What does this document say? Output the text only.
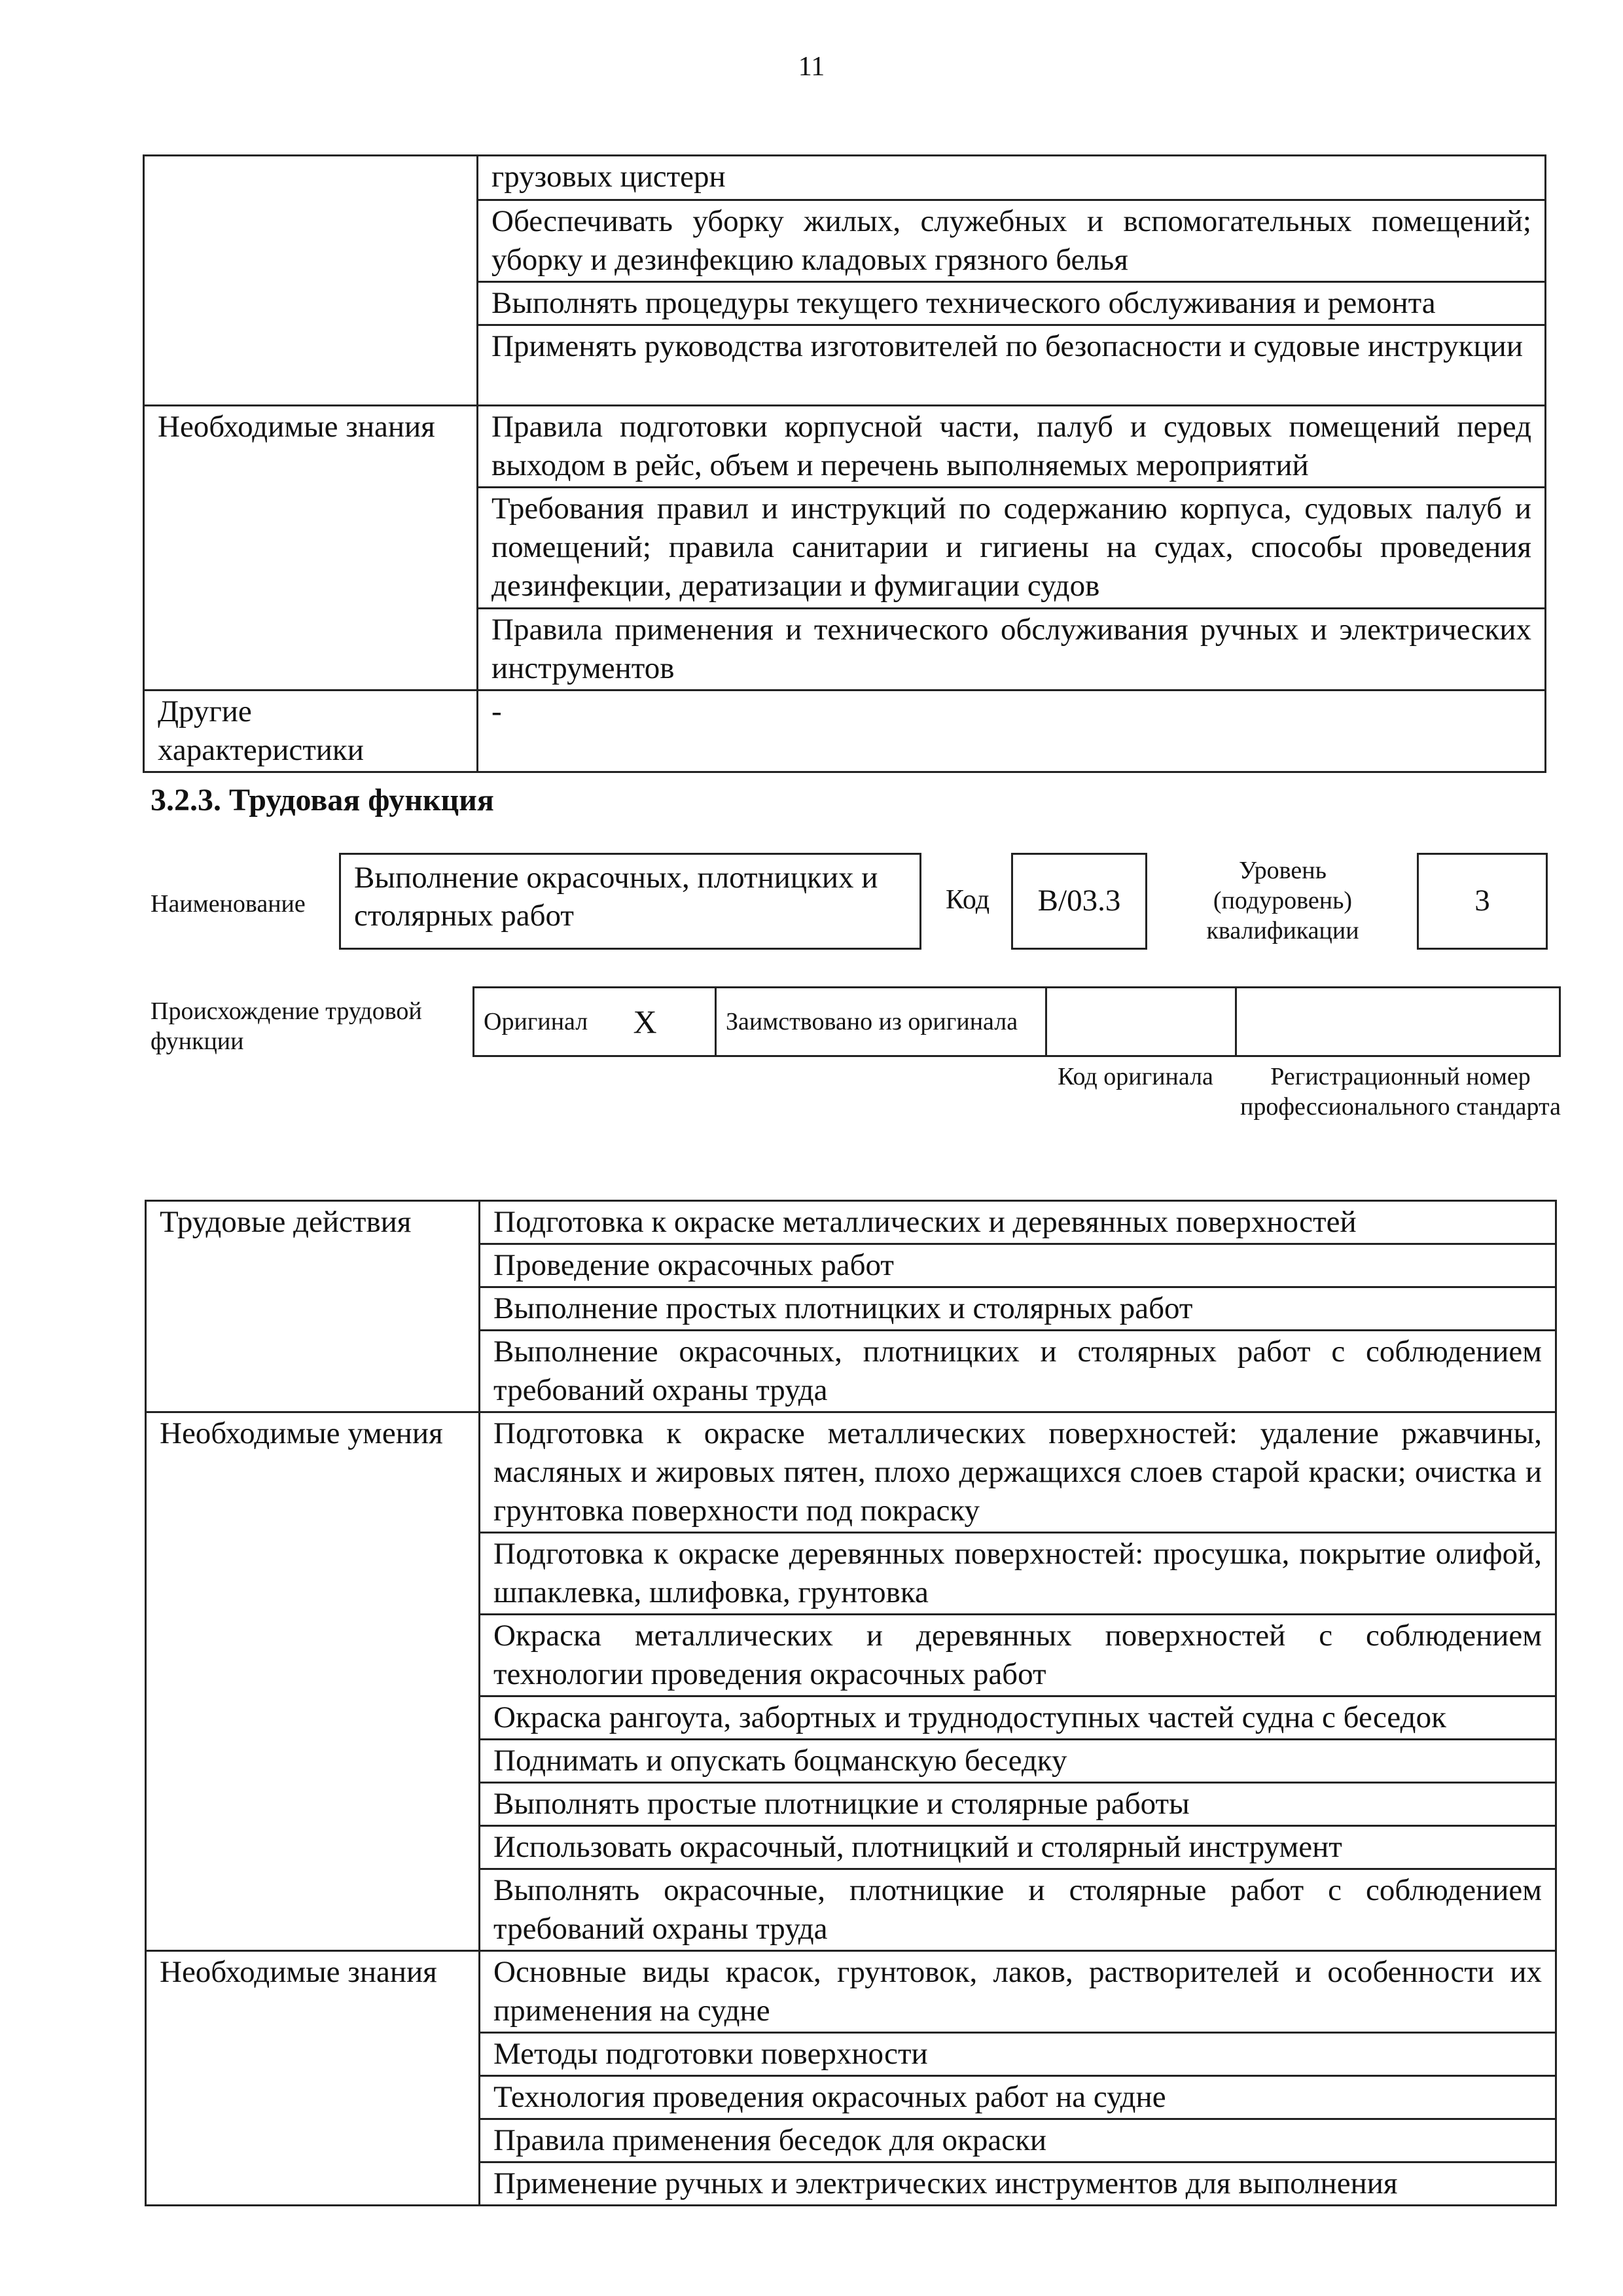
11
	грузовых цистерн
	Обеспечивать уборку жилых, служебных и вспомогательных помещений; уборку и дезинфекцию кладовых грязного белья
	Выполнять процедуры текущего технического обслуживания и ремонта
	Применять руководства изготовителей по безопасности и судовые инструкции
Необходимые знания	Правила подготовки корпусной части, палуб и судовых помещений перед выходом в рейс, объем и перечень выполняемых мероприятий
	Требования правил и инструкций по содержанию корпуса, судовых палуб и помещений; правила санитарии и гигиены на судах, способы проведения дезинфекции, дератизации и фумигации судов
	Правила применения и технического обслуживания ручных и электрических инструментов
Другие характеристики	-
3.2.3. Трудовая функция
Наименование
Выполнение окрасочных, плотницких и столярных работ	Код	В/03.3
Уровень (подуровень) квалификации
3
Происхождение трудовой функции
Оригинал	X	Заимствовано из оригинала		
Код оригинала	Регистрационный номер профессионального стандарта
Трудовые действия	Подготовка к окраске металлических и деревянных поверхностей
	Проведение окрасочных работ
	Выполнение простых плотницких и столярных работ
	Выполнение окрасочных, плотницких и столярных работ с соблюдением требований охраны труда
Необходимые умения	Подготовка к окраске металлических поверхностей: удаление ржавчины, масляных и жировых пятен, плохо держащихся слоев старой краски; очистка и грунтовка поверхности под покраску
	Подготовка к окраске деревянных поверхностей: просушка, покрытие олифой, шпаклевка, шлифовка, грунтовка
	Окраска металлических и деревянных поверхностей с соблюдением технологии проведения окрасочных работ
	Окраска рангоута, забортных и труднодоступных частей судна с беседок
	Поднимать и опускать боцманскую беседку
	Выполнять простые плотницкие и столярные работы
	Использовать окрасочный, плотницкий и столярный инструмент
	Выполнять окрасочные, плотницкие и столярные работ с соблюдением требований охраны труда
Необходимые знания	Основные виды красок, грунтовок, лаков, растворителей и особенности их применения на судне
	Методы подготовки поверхности
	Технология проведения окрасочных работ на судне
	Правила применения беседок для окраски
	Применение ручных и электрических инструментов для выполнения
